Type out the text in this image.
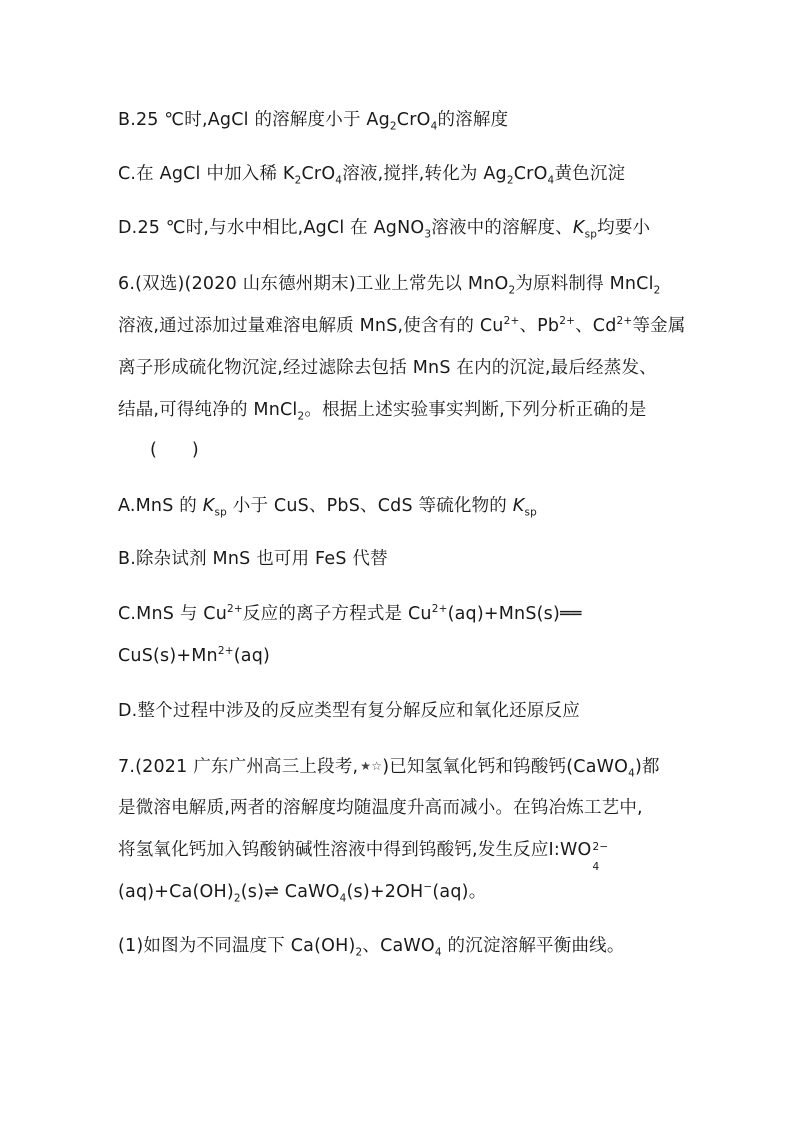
B.25 ℃时,AgCl 的溶解度小于 $Ag_2CrO_4$的溶解度
C.在 AgCl 中加入稀 $K_2CrO_4$溶液,搅拌,转化为 $Ag_2CrO_4$黄色沉淀
D.25 ℃时,与水中相比,AgCl 在 AgNO$_3$溶液中的溶解度、$K_{sp}$均要小
6.(双选)(2020 山东德州期末)工业上常先以 MnO$_2$为原料制得 MnCl$_2$
溶液,通过添加过量难溶电解质 MnS,使含有的 $Cu^{2+}$、$Pb^{2+}$、$Cd^{2+}$等金属
离子形成硫化物沉淀,经过滤除去包括 MnS 在内的沉淀,最后经蒸发、
结晶,可得纯净的 MnCl$_2$。根据上述实验事实判断,下列分析正确的是
(　　)
A.MnS 的 $K_{sp}$ 小于 CuS、PbS、CdS 等硫化物的 $K_{sp}$
B.除杂试剂 MnS 也可用 FeS 代替
C.MnS 与 $Cu^{2+}$反应的离子方程式是 $Cu^{2+}(aq)+MnS(s)══$
$CuS(s)+Mn^{2+}(aq)$
D.整个过程中涉及的反应类型有复分解反应和氧化还原反应
7.(2021 广东广州高三上段考, ★☆)已知氢氧化钙和钨酸钙(CaWO$_4$)都
是微溶电解质,两者的溶解度均随温度升高而减小。在钨冶炼工艺中,
将氢氧化钙加入钨酸钠碱性溶液中得到钨酸钙,发生反应Ⅰ:WO 2−
4
$(aq)+Ca(OH)_2(s)\rightleftharpoons$ CaWO$_4$(s)+2OH−(aq)。
(1)如图为不同温度下 $Ca(OH)_2$、CaWO$_4$ 的沉淀溶解平衡曲线。
